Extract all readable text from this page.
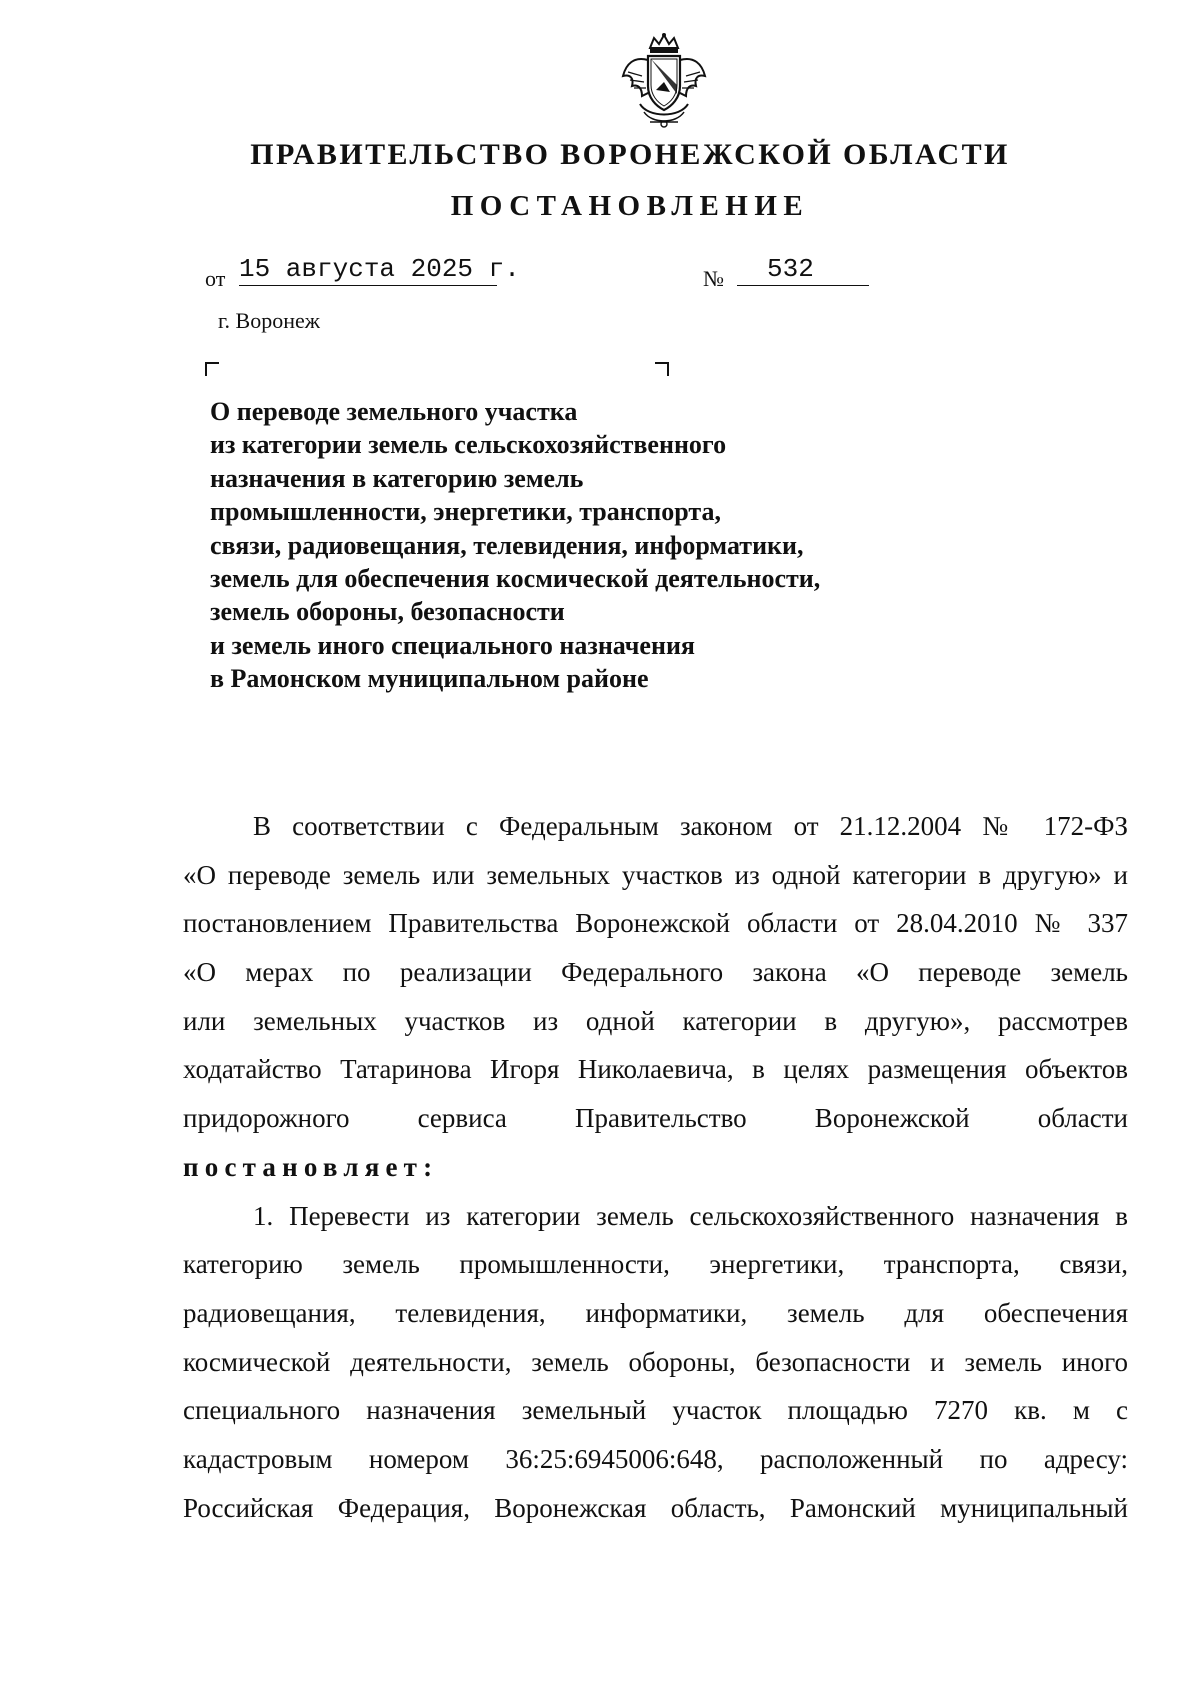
ПРАВИТЕЛЬСТВО ВОРОНЕЖСКОЙ ОБЛАСТИ
ПОСТАНОВЛЕНИЕ
от 15 августа 2025 г.	№	532
г. Воронеж
О переводе земельного участка
из категории земель сельскохозяйственного
назначения в категорию земель
промышленности, энергетики, транспорта,
связи, радиовещания, телевидения, информатики,
земель для обеспечения космической деятельности,
земель обороны, безопасности
и земель иного специального назначения
в Рамонском муниципальном районе
В соответствии с Федеральным законом от 21.12.2004 № 172-ФЗ
«О переводе земель или земельных участков из одной категории в другую» и
постановлением Правительства Воронежской области от 28.04.2010 № 337
«О мерах по реализации Федерального закона «О переводе земель
или земельных участков из одной категории в другую», рассмотрев
ходатайство Татаринова Игоря Николаевича, в целях размещения объектов
придорожного сервиса Правительство Воронежской области
постановляет:
1. Перевести из категории земель сельскохозяйственного назначения в
категорию земель промышленности, энергетики, транспорта, связи,
радиовещания, телевидения, информатики, земель для обеспечения
космической деятельности, земель обороны, безопасности и земель иного
специального назначения земельный участок площадью 7270 кв. м с
кадастровым номером 36:25:6945006:648, расположенный по адресу:
Российская Федерация, Воронежская область, Рамонский муниципальный
